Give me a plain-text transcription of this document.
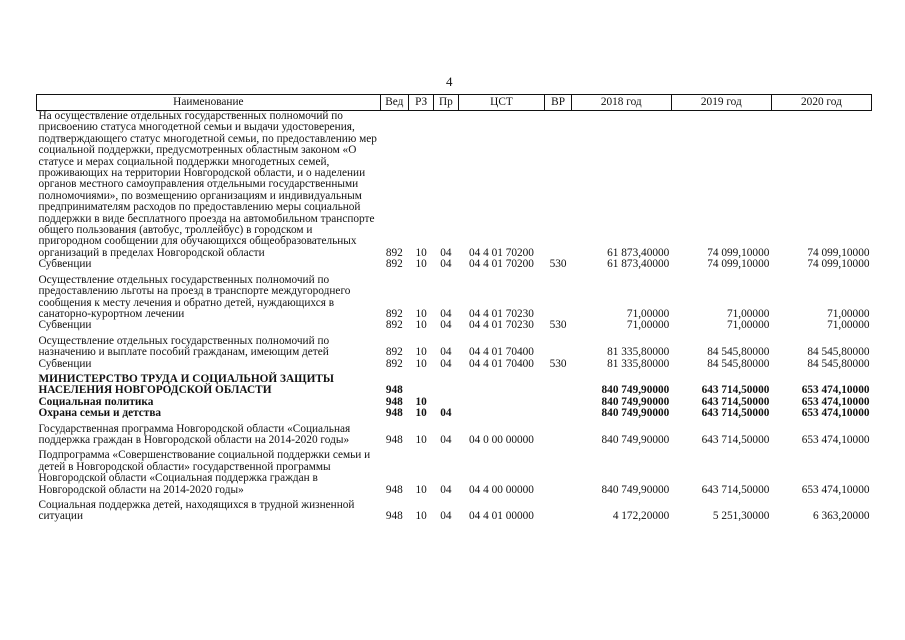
4
Наименование	Вед	РЗ	Пр	ЦСТ	ВР	2018 год	2019 год	2020 год
На осуществление отдельных государственных полномочий по присвоению статуса многодетной семьи и выдачи удостоверения, подтверждающего статус многодетной семьи, по предоставлению мер социальной поддержки, предусмотренных областным законом «О статусе и мерах социальной поддержки многодетных семей, проживающих на территории Новгородской области, и о наделении органов местного самоуправления отдельными государственными полномочиями», по возмещению организациям и индивидуальным предпринимателям расходов по предоставлению меры социальной поддержки в виде бесплатного проезда на автомобильном транспорте общего пользования (автобус, троллейбус) в городском и пригородном сообщении для обучающихся общеобразовательных организаций в пределах Новгородской области	892	10	04	04 4 01 70200		61 873,40000	74 099,10000	74 099,10000
Субвенции	892	10	04	04 4 01 70200	530	61 873,40000	74 099,10000	74 099,10000
Осуществление отдельных государственных полномочий по предоставлению льготы на проезд в транспорте междугороднего сообщения к месту лечения и обратно детей, нуждающихся в санаторно-курортном лечении	892	10	04	04 4 01 70230		71,00000	71,00000	71,00000
Субвенции	892	10	04	04 4 01 70230	530	71,00000	71,00000	71,00000
Осуществление отдельных государственных полномочий по назначению и выплате пособий гражданам, имеющим детей	892	10	04	04 4 01 70400		81 335,80000	84 545,80000	84 545,80000
Субвенции	892	10	04	04 4 01 70400	530	81 335,80000	84 545,80000	84 545,80000
МИНИСТЕРСТВО ТРУДА И СОЦИАЛЬНОЙ ЗАЩИТЫ НАСЕЛЕНИЯ НОВГОРОДСКОЙ ОБЛАСТИ	948					840 749,90000	643 714,50000	653 474,10000
Социальная политика	948	10				840 749,90000	643 714,50000	653 474,10000
Охрана семьи и детства	948	10	04			840 749,90000	643 714,50000	653 474,10000
Государственная программа Новгородской области «Социальная поддержка граждан в Новгородской области на 2014-2020 годы»	948	10	04	04 0 00 00000		840 749,90000	643 714,50000	653 474,10000
Подпрограмма «Совершенствование социальной поддержки семьи и детей в Новгородской области» государственной программы Новгородской области «Социальная поддержка граждан в Новгородской области на 2014-2020 годы»	948	10	04	04 4 00 00000		840 749,90000	643 714,50000	653 474,10000
Социальная поддержка детей, находящихся в трудной жизненной ситуации	948	10	04	04 4 01 00000		4 172,20000	5 251,30000	6 363,20000
